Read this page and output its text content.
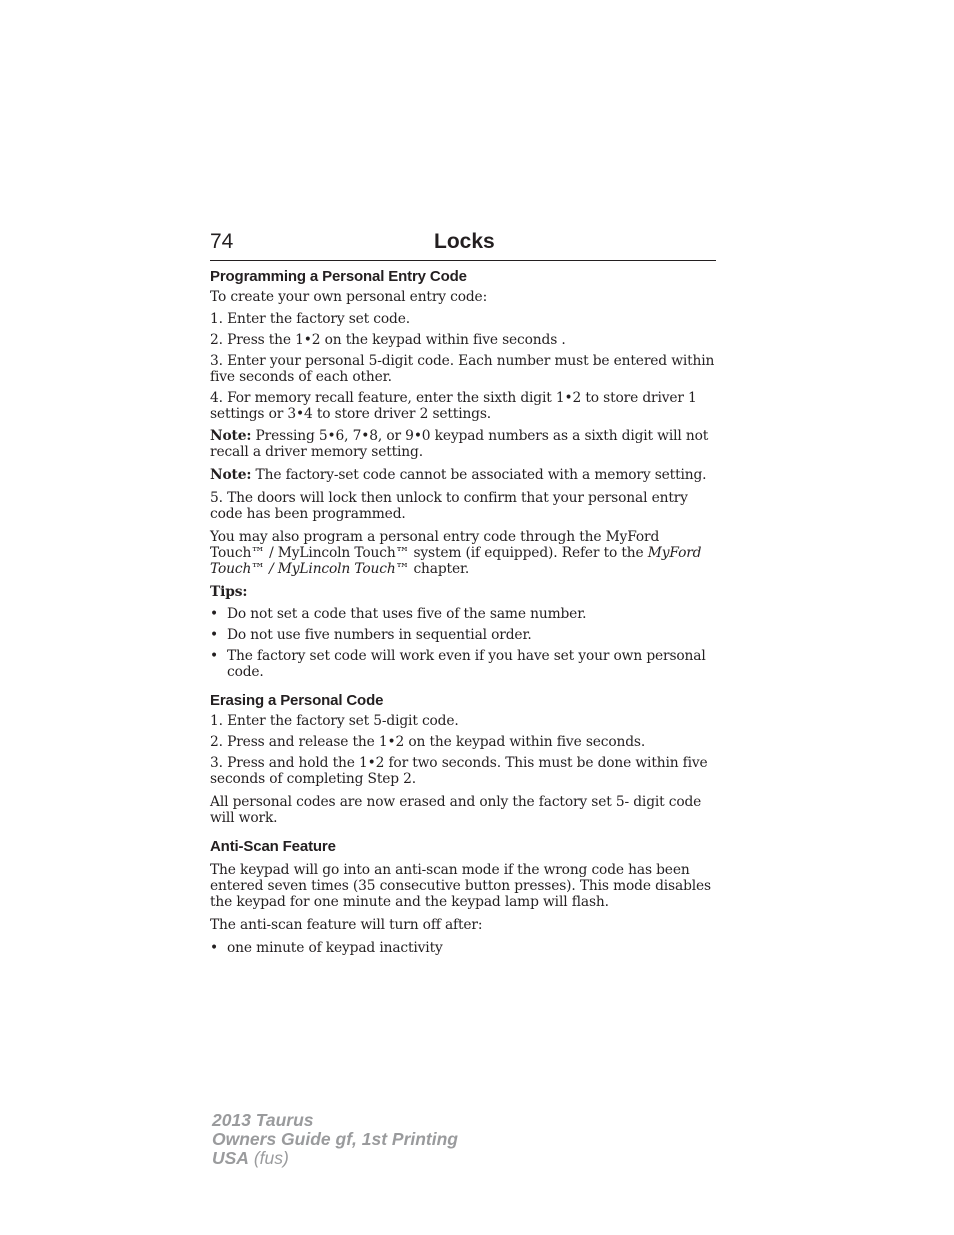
74	Locks
Programming a Personal Entry Code

To create your own personal entry code:

1. Enter the factory set code.

2. Press the 1•2 on the keypad within five seconds .

3. Enter your personal 5-digit code. Each number must be entered within five seconds of each other.

4. For memory recall feature, enter the sixth digit 1•2 to store driver 1 settings or 3•4 to store driver 2 settings.

Note: Pressing 5•6, 7•8, or 9•0 keypad numbers as a sixth digit will not recall a driver memory setting.

Note: The factory-set code cannot be associated with a memory setting.

5. The doors will lock then unlock to confirm that your personal entry code has been programmed.

You may also program a personal entry code through the MyFord Touch™ / MyLincoln Touch™ system (if equipped). Refer to the MyFord Touch™ / MyLincoln Touch™ chapter.

Tips:

• Do not set a code that uses five of the same number.
• Do not use five numbers in sequential order.
• The factory set code will work even if you have set your own personal code.
Erasing a Personal Code

1. Enter the factory set 5-digit code.

2. Press and release the 1•2 on the keypad within five seconds.

3. Press and hold the 1•2 for two seconds. This must be done within five seconds of completing Step 2.

All personal codes are now erased and only the factory set 5- digit code will work.

Anti-Scan Feature

The keypad will go into an anti-scan mode if the wrong code has been entered seven times (35 consecutive button presses). This mode disables the keypad for one minute and the keypad lamp will flash.

The anti-scan feature will turn off after:

• one minute of keypad inactivity
2013 Taurus
Owners Guide gf, 1st Printing
USA (fus)
